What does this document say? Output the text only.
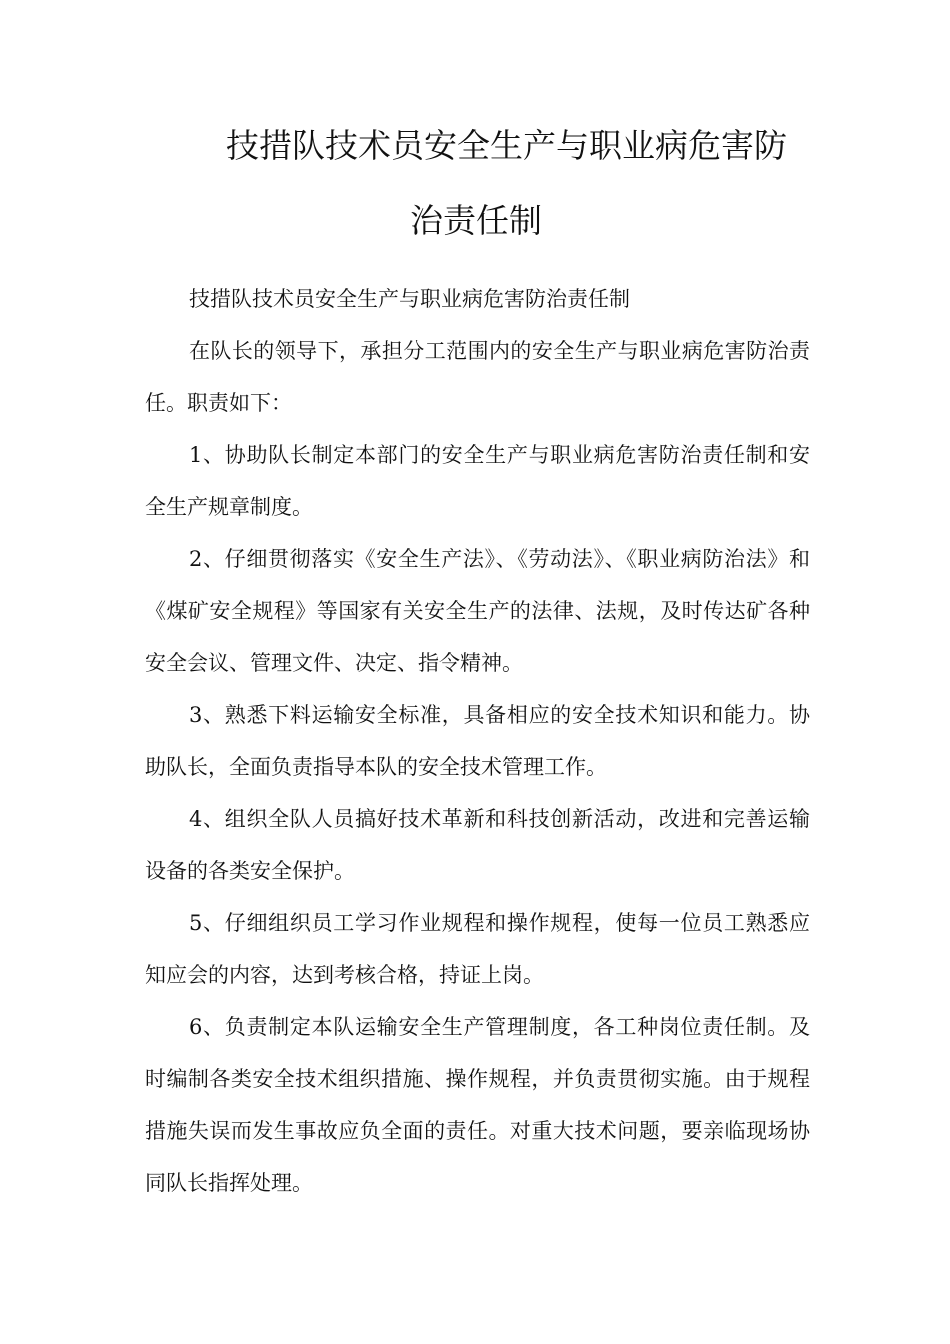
技措队技术员安全生产与职业病危害防
治责任制

技措队技术员安全生产与职业病危害防治责任制

在队长的领导下，承担分工范围内的安全生产与职业病危害防治责任。职责如下：

1、协助队长制定本部门的安全生产与职业病危害防治责任制和安全生产规章制度。

2、仔细贯彻落实《安全生产法》、《劳动法》、《职业病防治法》和《煤矿安全规程》等国家有关安全生产的法律、法规，及时传达矿各种安全会议、管理文件、决定、指令精神。

3、熟悉下料运输安全标准，具备相应的安全技术知识和能力。协助队长，全面负责指导本队的安全技术管理工作。

4、组织全队人员搞好技术革新和科技创新活动，改进和完善运输设备的各类安全保护。

5、仔细组织员工学习作业规程和操作规程，使每一位员工熟悉应知应会的内容，达到考核合格，持证上岗。

6、负责制定本队运输安全生产管理制度，各工种岗位责任制。及时编制各类安全技术组织措施、操作规程，并负责贯彻实施。由于规程措施失误而发生事故应负全面的责任。对重大技术问题，要亲临现场协同队长指挥处理。
